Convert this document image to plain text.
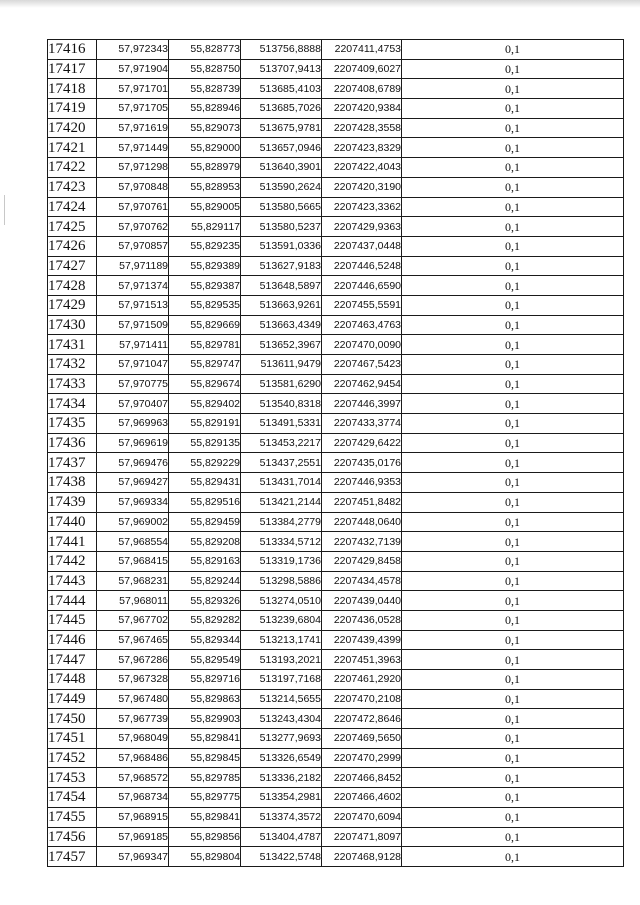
17416	57,972343	55,828773	513756,8888	2207411,4753	0,1
17417	57,971904	55,828750	513707,9413	2207409,6027	0,1
17418	57,971701	55,828739	513685,4103	2207408,6789	0,1
17419	57,971705	55,828946	513685,7026	2207420,9384	0,1
17420	57,971619	55,829073	513675,9781	2207428,3558	0,1
17421	57,971449	55,829000	513657,0946	2207423,8329	0,1
17422	57,971298	55,828979	513640,3901	2207422,4043	0,1
17423	57,970848	55,828953	513590,2624	2207420,3190	0,1
17424	57,970761	55,829005	513580,5665	2207423,3362	0,1
17425	57,970762	55,829117	513580,5237	2207429,9363	0,1
17426	57,970857	55,829235	513591,0336	2207437,0448	0,1
17427	57,971189	55,829389	513627,9183	2207446,5248	0,1
17428	57,971374	55,829387	513648,5897	2207446,6590	0,1
17429	57,971513	55,829535	513663,9261	2207455,5591	0,1
17430	57,971509	55,829669	513663,4349	2207463,4763	0,1
17431	57,971411	55,829781	513652,3967	2207470,0090	0,1
17432	57,971047	55,829747	513611,9479	2207467,5423	0,1
17433	57,970775	55,829674	513581,6290	2207462,9454	0,1
17434	57,970407	55,829402	513540,8318	2207446,3997	0,1
17435	57,969963	55,829191	513491,5331	2207433,3774	0,1
17436	57,969619	55,829135	513453,2217	2207429,6422	0,1
17437	57,969476	55,829229	513437,2551	2207435,0176	0,1
17438	57,969427	55,829431	513431,7014	2207446,9353	0,1
17439	57,969334	55,829516	513421,2144	2207451,8482	0,1
17440	57,969002	55,829459	513384,2779	2207448,0640	0,1
17441	57,968554	55,829208	513334,5712	2207432,7139	0,1
17442	57,968415	55,829163	513319,1736	2207429,8458	0,1
17443	57,968231	55,829244	513298,5886	2207434,4578	0,1
17444	57,968011	55,829326	513274,0510	2207439,0440	0,1
17445	57,967702	55,829282	513239,6804	2207436,0528	0,1
17446	57,967465	55,829344	513213,1741	2207439,4399	0,1
17447	57,967286	55,829549	513193,2021	2207451,3963	0,1
17448	57,967328	55,829716	513197,7168	2207461,2920	0,1
17449	57,967480	55,829863	513214,5655	2207470,2108	0,1
17450	57,967739	55,829903	513243,4304	2207472,8646	0,1
17451	57,968049	55,829841	513277,9693	2207469,5650	0,1
17452	57,968486	55,829845	513326,6549	2207470,2999	0,1
17453	57,968572	55,829785	513336,2182	2207466,8452	0,1
17454	57,968734	55,829775	513354,2981	2207466,4602	0,1
17455	57,968915	55,829841	513374,3572	2207470,6094	0,1
17456	57,969185	55,829856	513404,4787	2207471,8097	0,1
17457	57,969347	55,829804	513422,5748	2207468,9128	0,1
